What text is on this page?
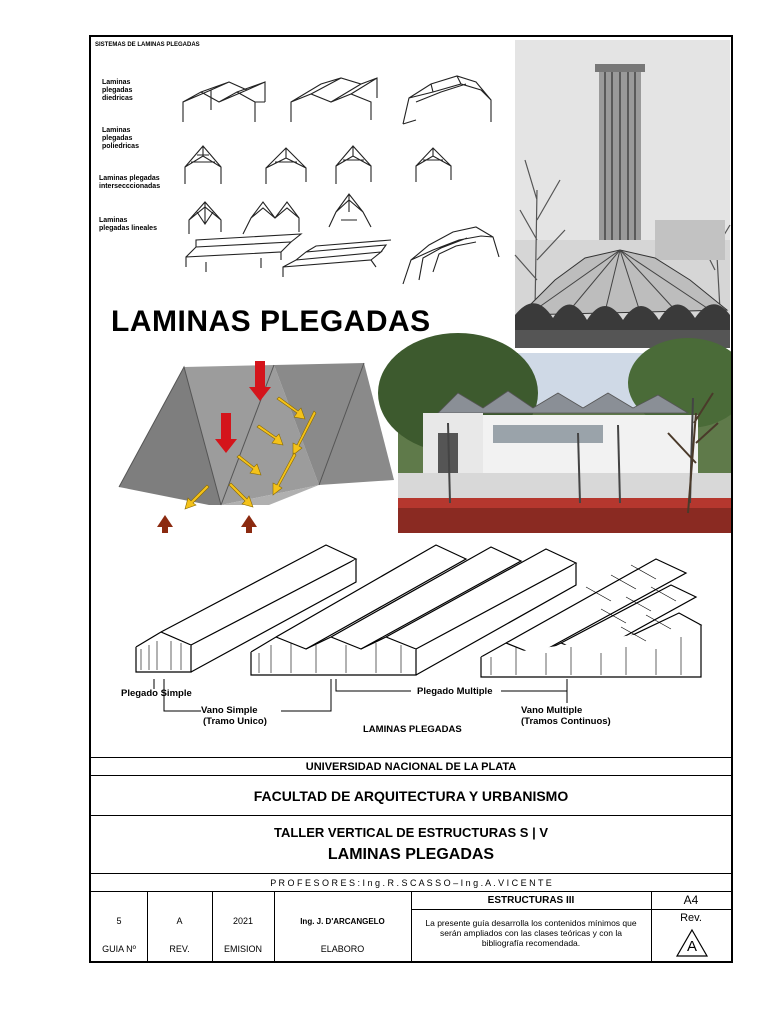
SISTEMAS DE LAMINAS PLEGADAS
Laminas plegadas diedricas
Laminas plegadas poliedricas
Laminas plegadas intersecccionadas
Laminas plegadas lineales
LAMINAS PLEGADAS
Plegado Simple
Vano Simple
(Tramo Unico)
Plegado Multiple
Vano Multiple
(Tramos Continuos)
LAMINAS PLEGADAS
UNIVERSIDAD NACIONAL DE LA PLATA
FACULTAD DE ARQUITECTURA Y URBANISMO
TALLER VERTICAL DE ESTRUCTURAS S | V
LAMINAS PLEGADAS
P R O F E S O R E S : I n g . R . S C A S S O – I n g . A . V I C E N T E
5	A	2021	Ing. J. D'ARCANGELO
GUIA Nº	REV.	EMISION	ELABORO
ESTRUCTURAS III	A4
La presente guía desarrolla los contenidos mínimos que serán ampliados con las clases teóricas y con la bibliografía recomendada.
Rev.
A
